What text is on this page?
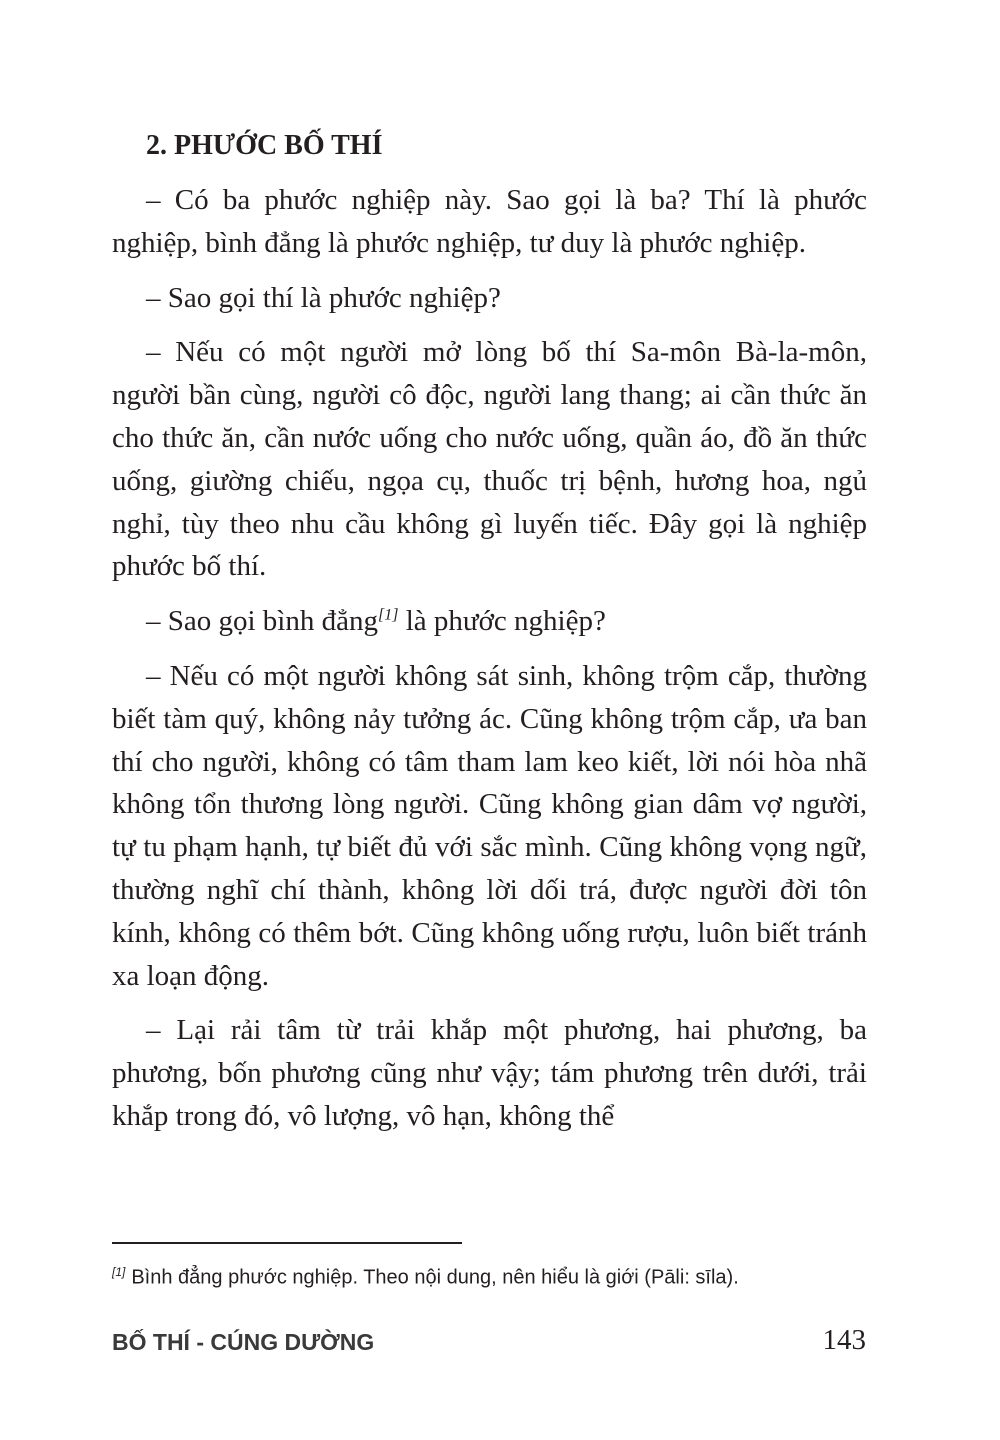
2. PHƯỚC BỐ THÍ

– Có ba phước nghiệp này. Sao gọi là ba? Thí là phước nghiệp, bình đẳng là phước nghiệp, tư duy là phước nghiệp.

– Sao gọi thí là phước nghiệp?

– Nếu có một người mở lòng bố thí Sa-môn Bà-la-môn, người bần cùng, người cô độc, người lang thang; ai cần thức ăn cho thức ăn, cần nước uống cho nước uống, quần áo, đồ ăn thức uống, giường chiếu, ngọa cụ, thuốc trị bệnh, hương hoa, ngủ nghỉ, tùy theo nhu cầu không gì luyến tiếc. Đây gọi là nghiệp phước bố thí.

– Sao gọi bình đẳng[1] là phước nghiệp?

– Nếu có một người không sát sinh, không trộm cắp, thường biết tàm quý, không nảy tưởng ác. Cũng không trộm cắp, ưa ban thí cho người, không có tâm tham lam keo kiết, lời nói hòa nhã không tổn thương lòng người. Cũng không gian dâm vợ người, tự tu phạm hạnh, tự biết đủ với sắc mình. Cũng không vọng ngữ, thường nghĩ chí thành, không lời dối trá, được người đời tôn kính, không có thêm bớt. Cũng không uống rượu, luôn biết tránh xa loạn động.

– Lại rải tâm từ trải khắp một phương, hai phương, ba phương, bốn phương cũng như vậy; tám phương trên dưới, trải khắp trong đó, vô lượng, vô hạn, không thể

[1] Bình đẳng phước nghiệp. Theo nội dung, nên hiểu là giới (Pāli: sīla).
BỐ THÍ - CÚNG DƯỜNG	143
